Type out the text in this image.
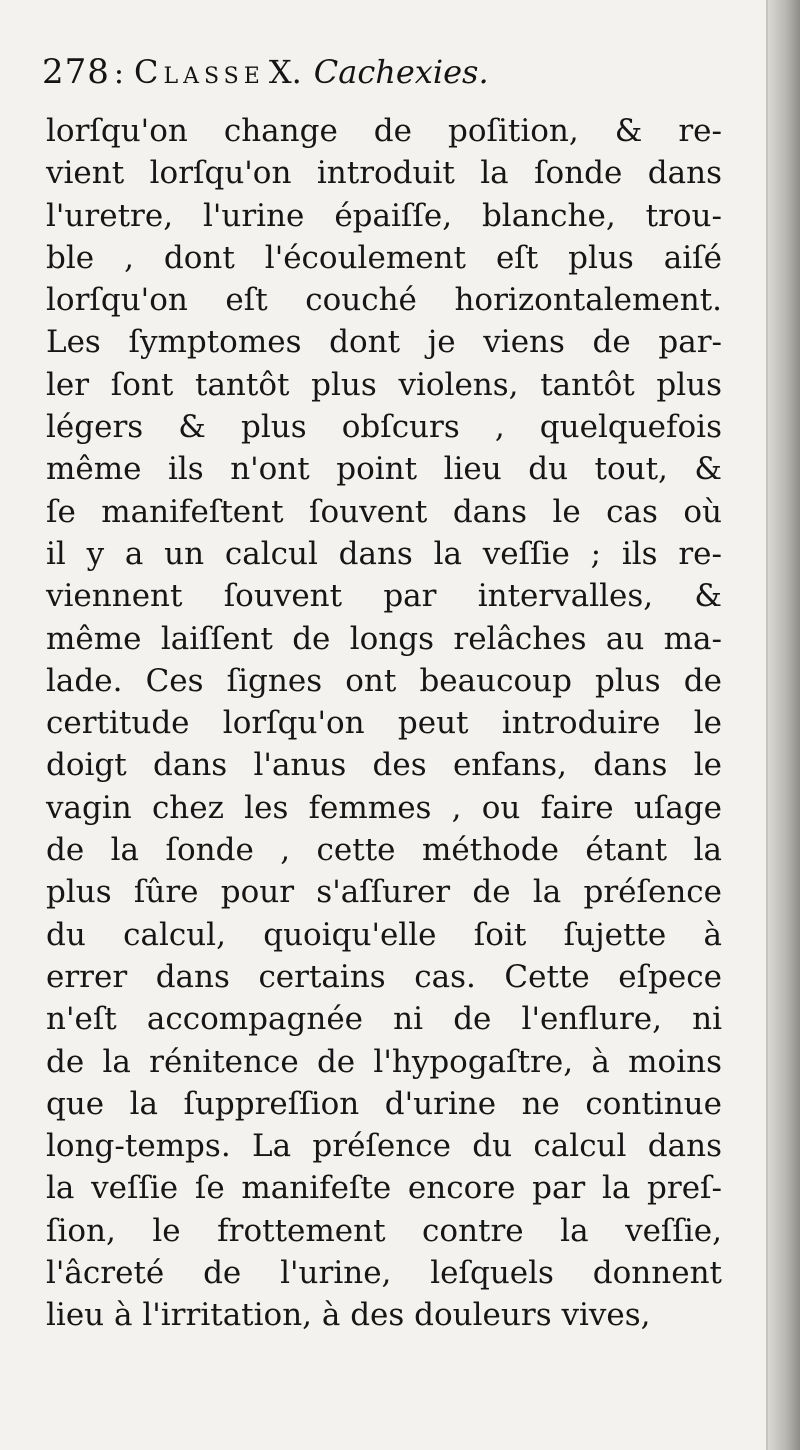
278 : Classe X. Cachexies.
lorſqu'on change de poſition, & re-
vient lorſqu'on introduit la ſonde dans
l'uretre, l'urine épaiſſe, blanche, trou-
ble , dont l'écoulement eſt plus aiſé
lorſqu'on eſt couché horizontalement.
Les ſymptomes dont je viens de par-
ler ſont tantôt plus violens, tantôt plus
légers & plus obſcurs , quelquefois
même ils n'ont point lieu du tout, &
ſe manifeſtent ſouvent dans le cas où
il y a un calcul dans la veſſie ; ils re-
viennent ſouvent par intervalles, &
même laiſſent de longs relâches au ma-
lade. Ces ſignes ont beaucoup plus de
certitude lorſqu'on peut introduire le
doigt dans l'anus des enfans, dans le
vagin chez les femmes , ou faire uſage
de la ſonde , cette méthode étant la
plus ſûre pour s'aſſurer de la préſence
du calcul, quoiqu'elle ſoit ſujette à
errer dans certains cas. Cette eſpece
n'eſt accompagnée ni de l'enflure, ni
de la rénitence de l'hypogaſtre, à moins
que la ſuppreſſion d'urine ne continue
long-temps. La préſence du calcul dans
la veſſie ſe manifeſte encore par la preſ-
ſion, le frottement contre la veſſie,
l'âcreté de l'urine, leſquels donnent
lieu à l'irritation, à des douleurs vives,
